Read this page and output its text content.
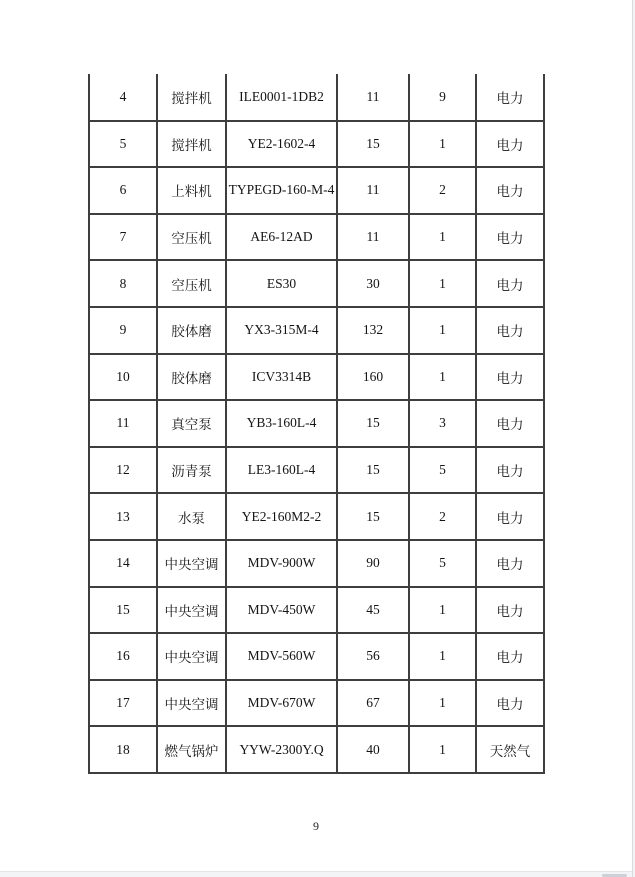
4	搅拌机	ILE0001-1DB2	11	9	电力
5	搅拌机	YE2-1602-4	15	1	电力
6	上料机	TYPEGD-160-M-4	11	2	电力
7	空压机	AE6-12AD	11	1	电力
8	空压机	ES30	30	1	电力
9	胶体磨	YX3-315M-4	132	1	电力
10	胶体磨	ICV3314B	160	1	电力
11	真空泵	YB3-160L-4	15	3	电力
12	沥青泵	LE3-160L-4	15	5	电力
13	水泵	YE2-160M2-2	15	2	电力
14	中央空调	MDV-900W	90	5	电力
15	中央空调	MDV-450W	45	1	电力
16	中央空调	MDV-560W	56	1	电力
17	中央空调	MDV-670W	67	1	电力
18	燃气锅炉	YYW-2300Y.Q	40	1	天然气
9
